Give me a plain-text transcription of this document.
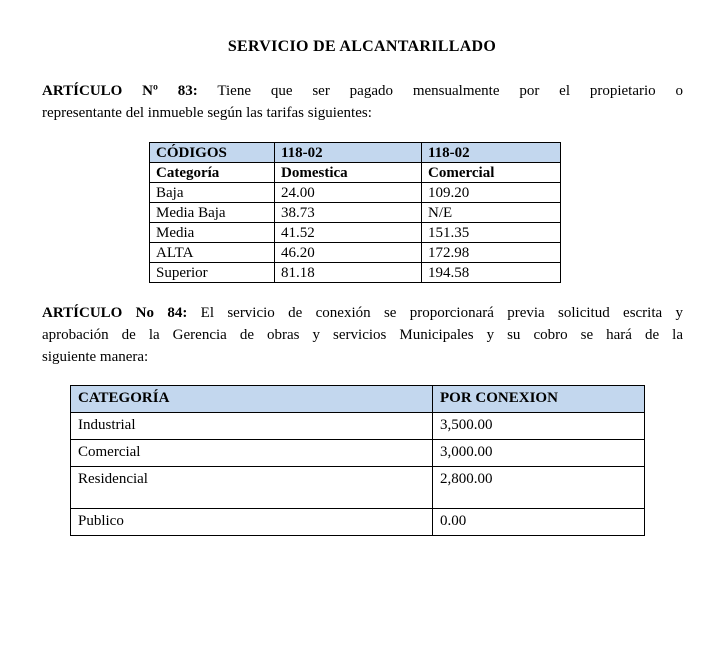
SERVICIO DE ALCANTARILLADO
ARTÍCULO Nº 83: Tiene que ser pagado mensualmente por el propietario o
representante del inmueble según las tarifas siguientes:
CÓDIGOS	118-02	118-02
Categoría	Domestica	Comercial
Baja	24.00	109.20
Media Baja	38.73	N/E
Media	41.52	151.35
ALTA	46.20	172.98
Superior	81.18	194.58
ARTÍCULO No 84: El servicio de conexión se proporcionará previa solicitud escrita y
aprobación de la Gerencia de obras y servicios Municipales y su cobro se hará de la
siguiente manera:
CATEGORÍA	POR CONEXION
Industrial	3,500.00
Comercial	3,000.00
Residencial	2,800.00
Publico	0.00
